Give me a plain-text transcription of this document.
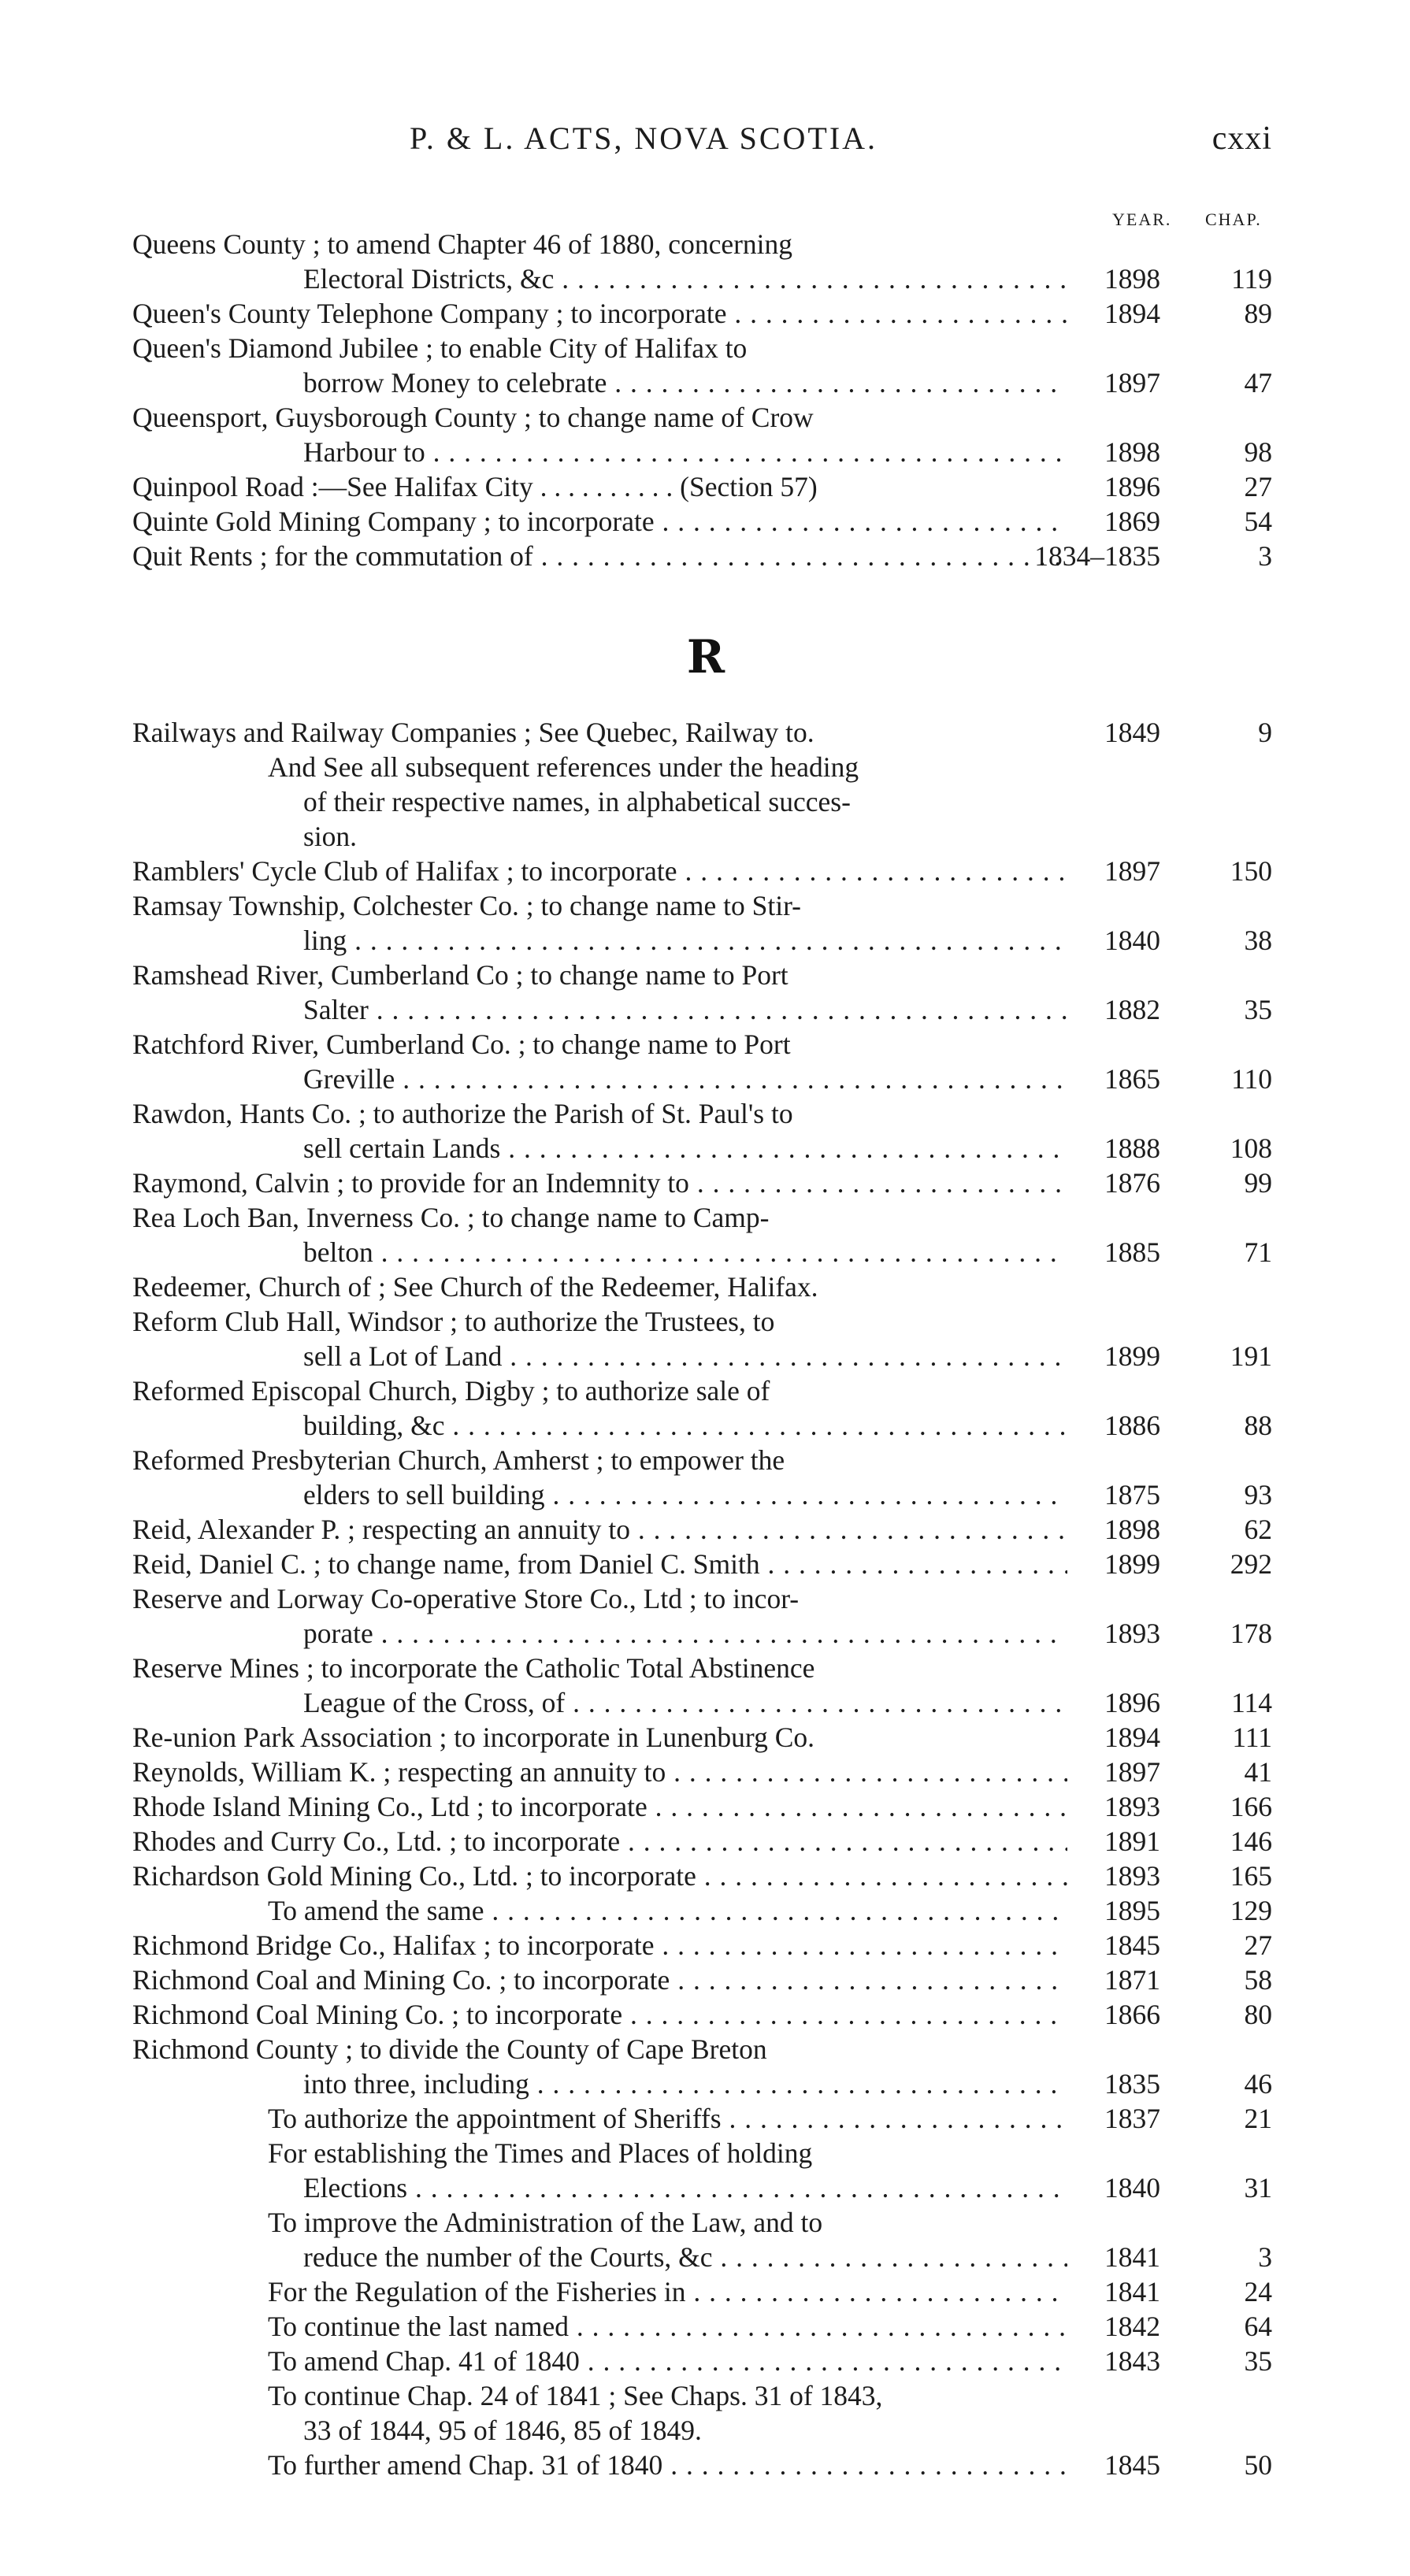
P. & L. ACTS, NOVA SCOTIA.	cxxi
YEAR. CHAP.
R
Queens County ; to amend Chapter 46 of 1880, concerning
Electoral Districts, &c . . .	1898	119
Queen's County Telephone Company ; to incorporate . . .	1894	89
Queen's Diamond Jubilee ; to enable City of Halifax to
borrow Money to celebrate . . .	1897	47
Queensport, Guysborough County ; to change name of Crow
Harbour to . . .	1898	98
Quinpool Road :—See Halifax City . . . . . . . . . . (Section 57)	1896	27
Quinte Gold Mining Company ; to incorporate . . .	1869	54
Quit Rents ; for the commutation of . . .	1834–1835	3
Railways and Railway Companies ; See Quebec, Railway to.	1849	9
And See all subsequent references under the heading
of their respective names, in alphabetical succes-
sion.
Ramblers' Cycle Club of Halifax ; to incorporate . . .	1897	150
Ramsay Township, Colchester Co. ; to change name to Stir-
ling . . .	1840	38
Ramshead River, Cumberland Co ; to change name to Port
Salter . . .	1882	35
Ratchford River, Cumberland Co. ; to change name to Port
Greville . . .	1865	110
Rawdon, Hants Co. ; to authorize the Parish of St. Paul's to
sell certain Lands . . .	1888	108
Raymond, Calvin ; to provide for an Indemnity to . . .	1876	99
Rea Loch Ban, Inverness Co. ; to change name to Camp-
belton . . .	1885	71
Redeemer, Church of ; See Church of the Redeemer, Halifax.
Reform Club Hall, Windsor ; to authorize the Trustees, to
sell a Lot of Land . . .	1899	191
Reformed Episcopal Church, Digby ; to authorize sale of
building, &c . . .	1886	88
Reformed Presbyterian Church, Amherst ; to empower the
elders to sell building . . .	1875	93
Reid, Alexander P. ; respecting an annuity to . . .	1898	62
Reid, Daniel C. ; to change name, from Daniel C. Smith . . .	1899	292
Reserve and Lorway Co-operative Store Co., Ltd ; to incor-
porate . . .	1893	178
Reserve Mines ; to incorporate the Catholic Total Abstinence
League of the Cross, of . . .	1896	114
Re-union Park Association ; to incorporate in Lunenburg Co.	1894	111
Reynolds, William K. ; respecting an annuity to . . .	1897	41
Rhode Island Mining Co., Ltd ; to incorporate . . .	1893	166
Rhodes and Curry Co., Ltd. ; to incorporate . . .	1891	146
Richardson Gold Mining Co., Ltd. ; to incorporate . . .	1893	165
To amend the same . . .	1895	129
Richmond Bridge Co., Halifax ; to incorporate . . .	1845	27
Richmond Coal and Mining Co. ; to incorporate . . .	1871	58
Richmond Coal Mining Co. ; to incorporate . . .	1866	80
Richmond County ; to divide the County of Cape Breton
into three, including . . .	1835	46
To authorize the appointment of Sheriffs . . .	1837	21
For establishing the Times and Places of holding
Elections . . .	1840	31
To improve the Administration of the Law, and to
reduce the number of the Courts, &c . . .	1841	3
For the Regulation of the Fisheries in . . .	1841	24
To continue the last named . . .	1842	64
To amend Chap. 41 of 1840 . . .	1843	35
To continue Chap. 24 of 1841 ; See Chaps. 31 of 1843,
33 of 1844, 95 of 1846, 85 of 1849.
To further amend Chap. 31 of 1840 . . .	1845	50
